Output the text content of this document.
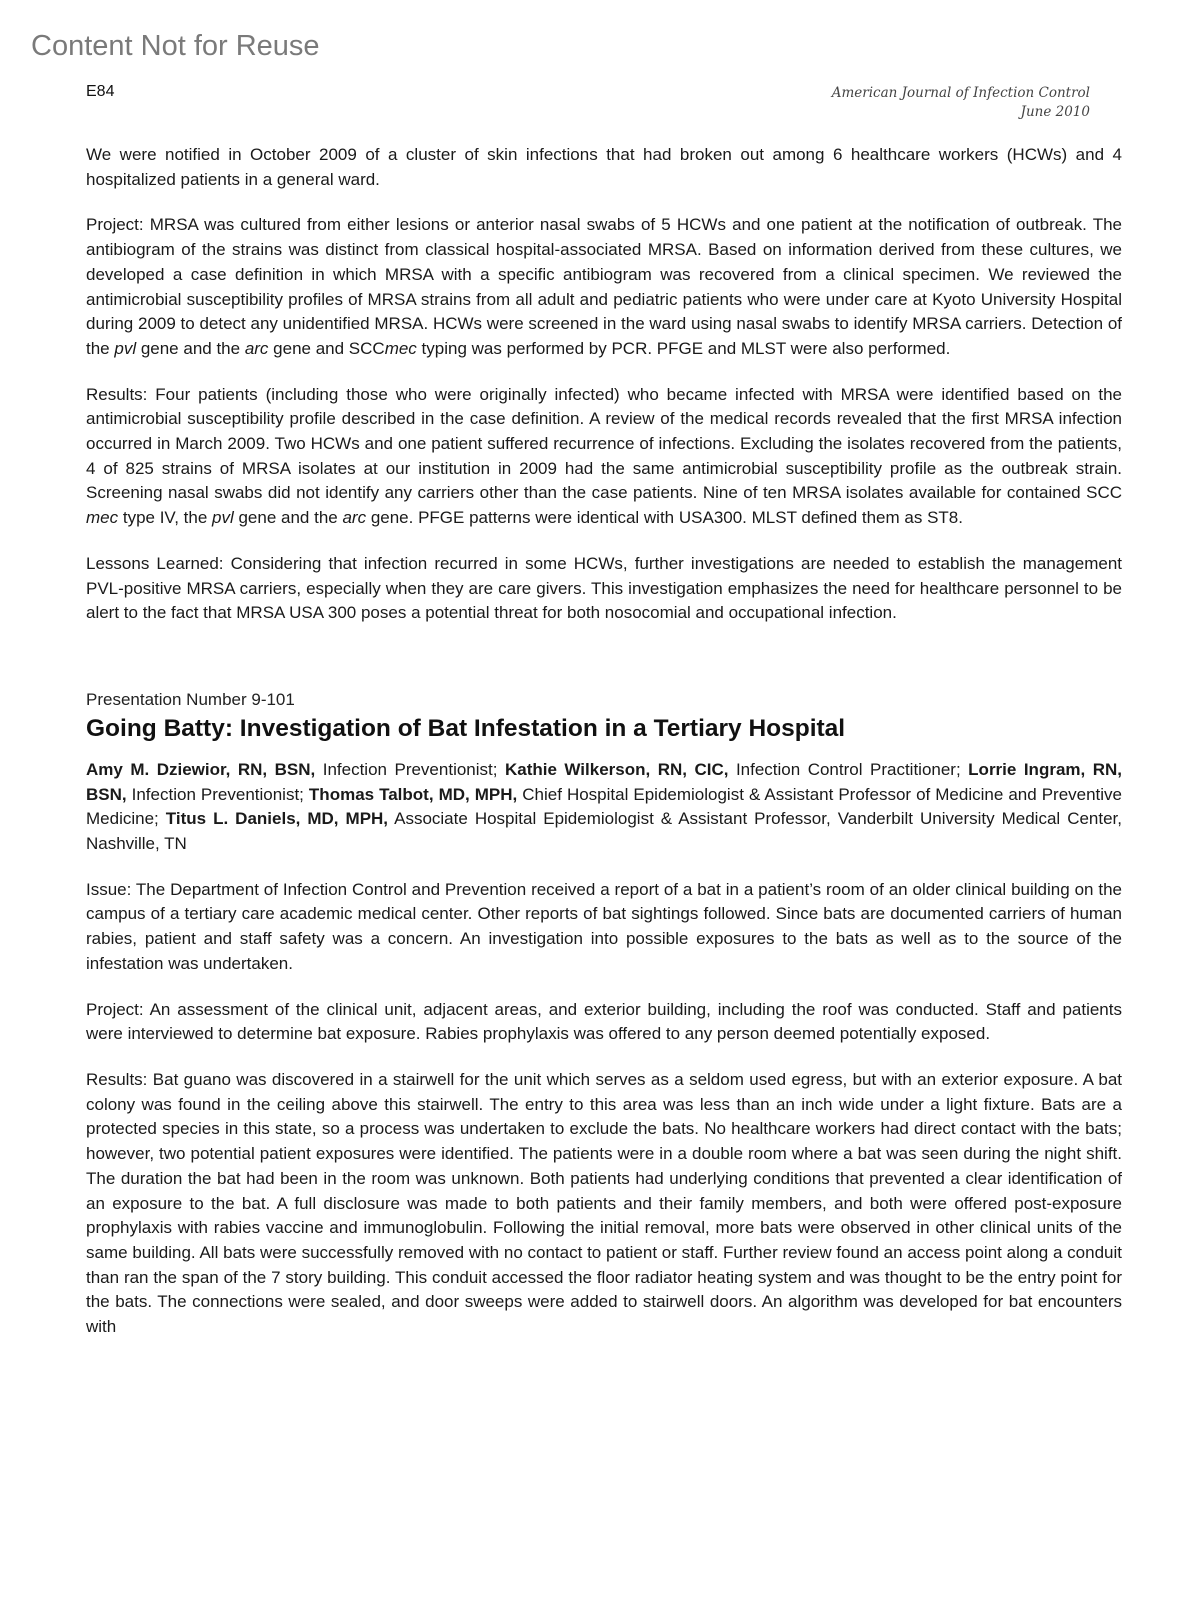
Content Not for Reuse
E84	American Journal of Infection Control
June 2010

We were notified in October 2009 of a cluster of skin infections that had broken out among 6 healthcare workers (HCWs) and 4 hospitalized patients in a general ward.

Project: MRSA was cultured from either lesions or anterior nasal swabs of 5 HCWs and one patient at the notification of outbreak. The antibiogram of the strains was distinct from classical hospital-associated MRSA. Based on information derived from these cultures, we developed a case definition in which MRSA with a specific antibiogram was recovered from a clinical specimen. We reviewed the antimicrobial susceptibility profiles of MRSA strains from all adult and pediatric patients who were under care at Kyoto University Hospital during 2009 to detect any unidentified MRSA. HCWs were screened in the ward using nasal swabs to identify MRSA carriers. Detection of the pvl gene and the arc gene and SCCmec typing was performed by PCR. PFGE and MLST were also performed.

Results: Four patients (including those who were originally infected) who became infected with MRSA were identified based on the antimicrobial susceptibility profile described in the case definition. A review of the medical records revealed that the first MRSA infection occurred in March 2009. Two HCWs and one patient suffered recurrence of infections. Excluding the isolates recovered from the patients, 4 of 825 strains of MRSA isolates at our institution in 2009 had the same antimicrobial susceptibility profile as the outbreak strain. Screening nasal swabs did not identify any carriers other than the case patients. Nine of ten MRSA isolates available for contained SCC mec type IV, the pvl gene and the arc gene. PFGE patterns were identical with USA300. MLST defined them as ST8.

Lessons Learned: Considering that infection recurred in some HCWs, further investigations are needed to establish the management PVL-positive MRSA carriers, especially when they are care givers. This investigation emphasizes the need for healthcare personnel to be alert to the fact that MRSA USA 300 poses a potential threat for both nosocomial and occupational infection.

Presentation Number 9-101
Going Batty: Investigation of Bat Infestation in a Tertiary Hospital

Amy M. Dziewior, RN, BSN, Infection Preventionist; Kathie Wilkerson, RN, CIC, Infection Control Practitioner; Lorrie Ingram, RN, BSN, Infection Preventionist; Thomas Talbot, MD, MPH, Chief Hospital Epidemiologist & Assistant Professor of Medicine and Preventive Medicine; Titus L. Daniels, MD, MPH, Associate Hospital Epidemiologist & Assistant Professor, Vanderbilt University Medical Center, Nashville, TN

Issue: The Department of Infection Control and Prevention received a report of a bat in a patient’s room of an older clinical building on the campus of a tertiary care academic medical center. Other reports of bat sightings followed. Since bats are documented carriers of human rabies, patient and staff safety was a concern. An investigation into possible exposures to the bats as well as to the source of the infestation was undertaken.

Project: An assessment of the clinical unit, adjacent areas, and exterior building, including the roof was conducted. Staff and patients were interviewed to determine bat exposure. Rabies prophylaxis was offered to any person deemed potentially exposed.

Results: Bat guano was discovered in a stairwell for the unit which serves as a seldom used egress, but with an exterior exposure. A bat colony was found in the ceiling above this stairwell. The entry to this area was less than an inch wide under a light fixture. Bats are a protected species in this state, so a process was undertaken to exclude the bats. No healthcare workers had direct contact with the bats; however, two potential patient exposures were identified. The patients were in a double room where a bat was seen during the night shift. The duration the bat had been in the room was unknown. Both patients had underlying conditions that prevented a clear identification of an exposure to the bat. A full disclosure was made to both patients and their family members, and both were offered post-exposure prophylaxis with rabies vaccine and immunoglobulin. Following the initial removal, more bats were observed in other clinical units of the same building. All bats were successfully removed with no contact to patient or staff. Further review found an access point along a conduit than ran the span of the 7 story building. This conduit accessed the floor radiator heating system and was thought to be the entry point for the bats. The connections were sealed, and door sweeps were added to stairwell doors. An algorithm was developed for bat encounters with
